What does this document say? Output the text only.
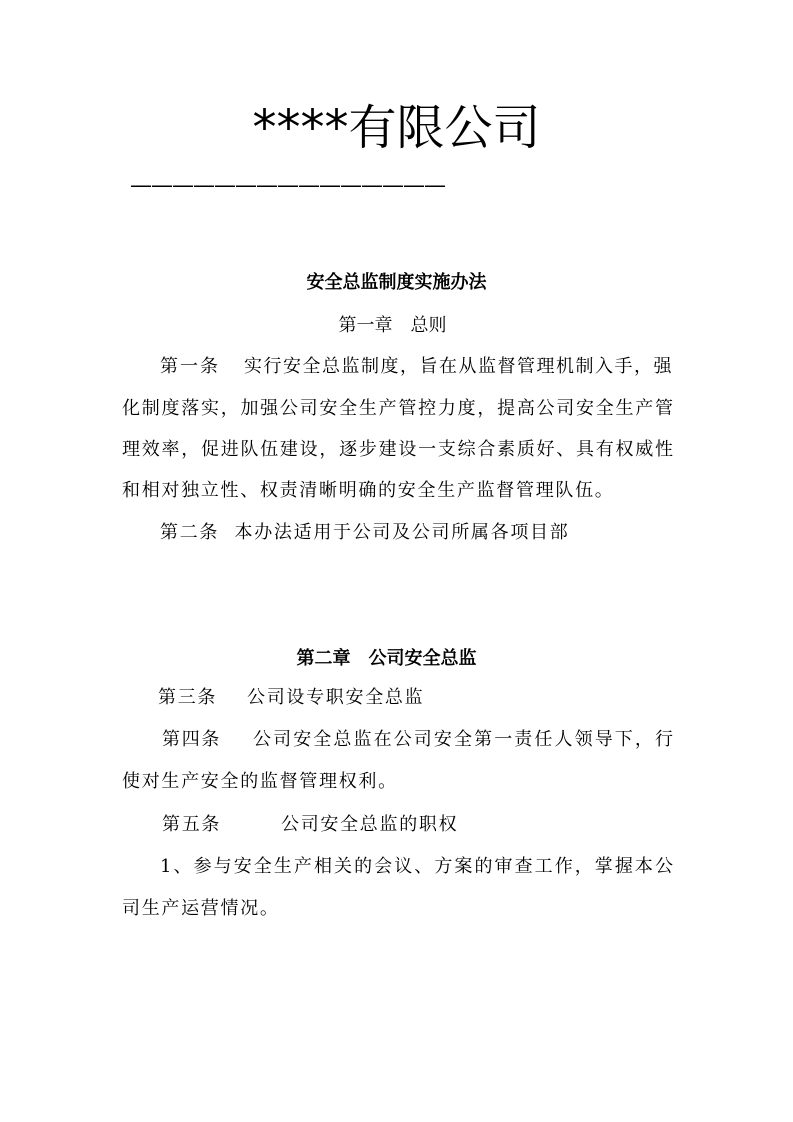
****有限公司
———————————————
安全总监制度实施办法
第一章　总则
第一条 实行安全总监制度，旨在从监督管理机制入手，强
化制度落实，加强公司安全生产管控力度，提高公司安全生产管
理效率，促进队伍建设，逐步建设一支综合素质好、具有权威性
和相对独立性、权责清晰明确的安全生产监督管理队伍。
第二条 本办法适用于公司及公司所属各项目部
第二章　公司安全总监
第三条 公司设专职安全总监
第四条 公司安全总监在公司安全第一责任人领导下，行
使对生产安全的监督管理权利。
第五条	公司安全总监的职权
1、参与安全生产相关的会议、方案的审查工作，掌握本公
司生产运营情况。
